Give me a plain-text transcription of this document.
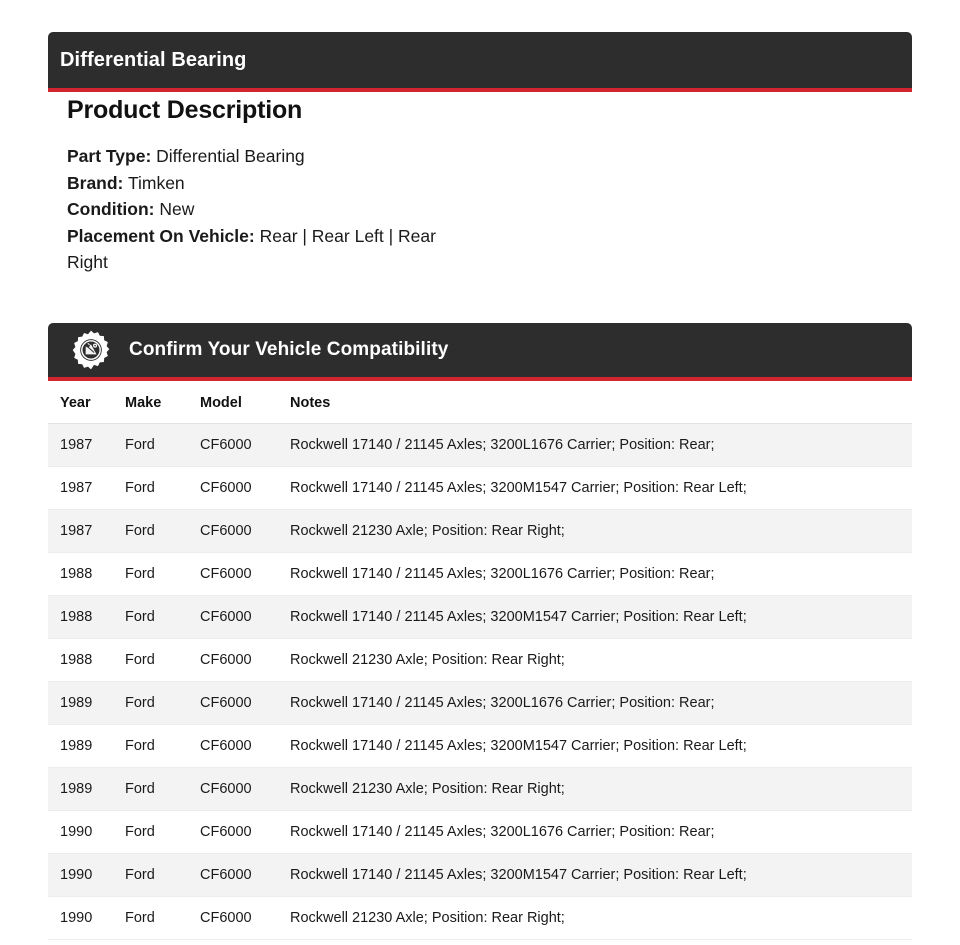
Differential Bearing
Product Description

Part Type: Differential Bearing

Brand: Timken

Condition: New

Placement On Vehicle: Rear | Rear Left | Rear Right

Confirm Your Vehicle Compatibility
Year	Make	Model	Notes
1987	Ford	CF6000	Rockwell 17140 / 21145 Axles; 3200L1676 Carrier; Position: Rear;
1987	Ford	CF6000	Rockwell 17140 / 21145 Axles; 3200M1547 Carrier; Position: Rear Left;
1987	Ford	CF6000	Rockwell 21230 Axle; Position: Rear Right;
1988	Ford	CF6000	Rockwell 17140 / 21145 Axles; 3200L1676 Carrier; Position: Rear;
1988	Ford	CF6000	Rockwell 17140 / 21145 Axles; 3200M1547 Carrier; Position: Rear Left;
1988	Ford	CF6000	Rockwell 21230 Axle; Position: Rear Right;
1989	Ford	CF6000	Rockwell 17140 / 21145 Axles; 3200L1676 Carrier; Position: Rear;
1989	Ford	CF6000	Rockwell 17140 / 21145 Axles; 3200M1547 Carrier; Position: Rear Left;
1989	Ford	CF6000	Rockwell 21230 Axle; Position: Rear Right;
1990	Ford	CF6000	Rockwell 17140 / 21145 Axles; 3200L1676 Carrier; Position: Rear;
1990	Ford	CF6000	Rockwell 17140 / 21145 Axles; 3200M1547 Carrier; Position: Rear Left;
1990	Ford	CF6000	Rockwell 21230 Axle; Position: Rear Right;
